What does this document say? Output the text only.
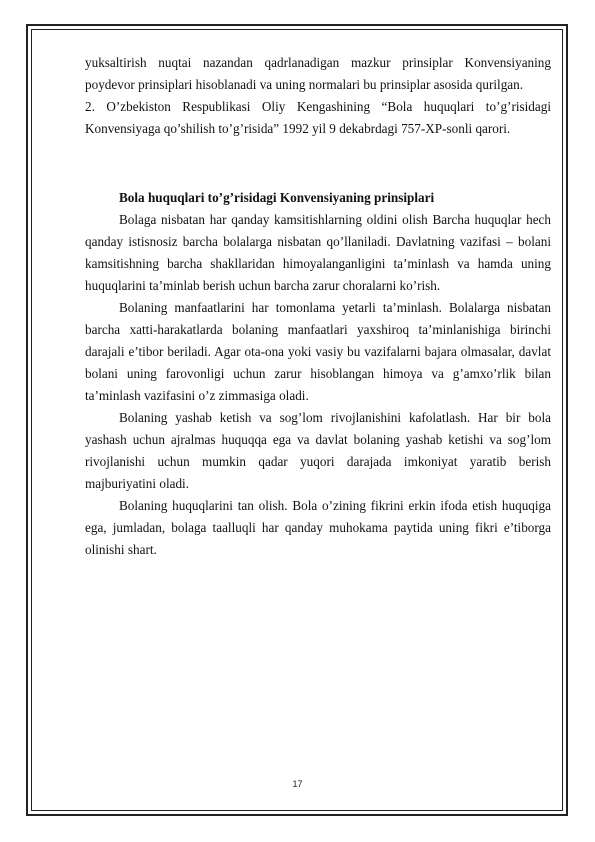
yuksaltirish nuqtai nazandan qadrlanadigan mazkur prinsiplar Konvensiyaning poydevor prinsiplari hisoblanadi va uning normalari bu prinsiplar asosida qurilgan.

2. O’zbekiston Respublikasi Oliy Kengashining “Bola huquqlari to’g’risidagi Konvensiyaga qo’shilish to’g’risida” 1992 yil 9 dekabrdagi 757-XP-sonli qarori.

Bola huquqlari to’g’risidagi Konvensiyaning prinsiplari

Bolaga nisbatan har qanday kamsitishlarning oldini olish Barcha huquqlar hech qanday istisnosiz barcha bolalarga nisbatan qo’llaniladi. Davlatning vazifasi – bolani kamsitishning barcha shakllaridan himoyalanganligini ta’minlash va hamda uning huquqlarini ta’minlab berish uchun barcha zarur choralarni ko’rish.

Bolaning manfaatlarini har tomonlama yetarli ta’minlash. Bolalarga nisbatan barcha xatti-harakatlarda bolaning manfaatlari yaxshiroq ta’minlanishiga birinchi darajali e’tibor beriladi. Agar ota-ona yoki vasiy bu vazifalarni bajara olmasalar, davlat bolani uning farovonligi uchun zarur hisoblangan himoya va g’amxo’rlik bilan ta’minlash vazifasini o’z zimmasiga oladi.

Bolaning yashab ketish va sog’lom rivojlanishini kafolatlash. Har bir bola yashash uchun ajralmas huquqqa ega va davlat bolaning yashab ketishi va sog’lom rivojlanishi uchun mumkin qadar yuqori darajada imkoniyat yaratib berish majburiyatini oladi.

Bolaning huquqlarini tan olish. Bola o’zining fikrini erkin ifoda etish huquqiga ega, jumladan, bolaga taalluqli har qanday muhokama paytida uning fikri e’tiborga olinishi shart.

17
